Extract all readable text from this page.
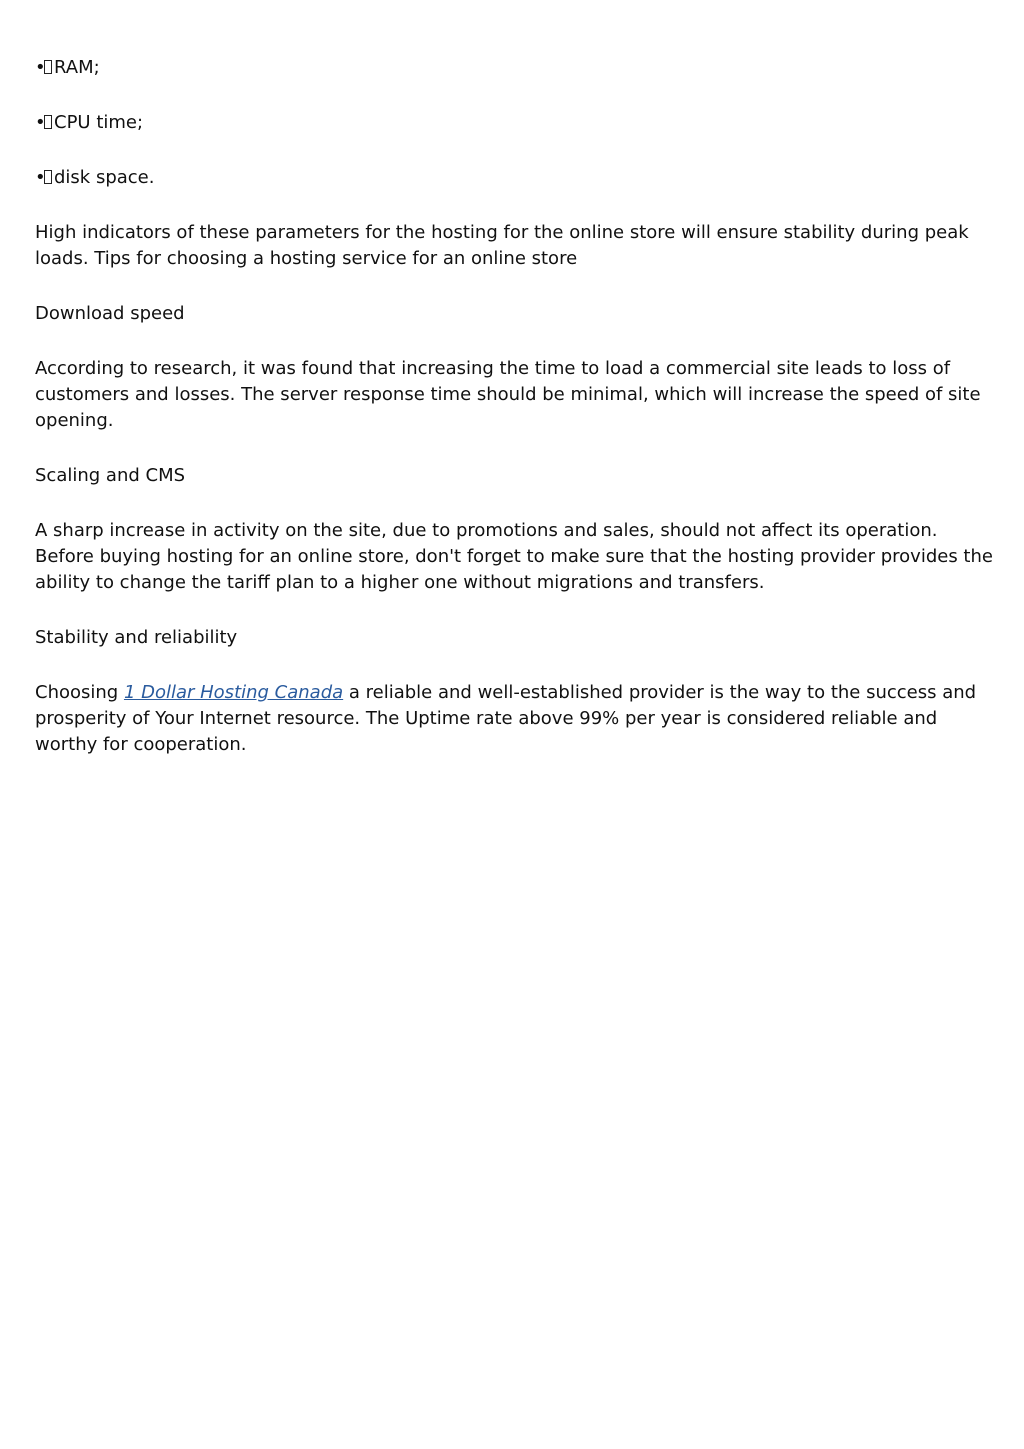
• RAM;
• CPU time;
• disk space.

High indicators of these parameters for the hosting for the online store will ensure stability during peak loads. Tips for choosing a hosting service for an online store

Download speed

According to research, it was found that increasing the time to load a commercial site leads to loss of customers and losses. The server response time should be minimal, which will increase the speed of site opening.

Scaling and CMS

A sharp increase in activity on the site, due to promotions and sales, should not affect its operation. Before buying hosting for an online store, don't forget to make sure that the hosting provider provides the ability to change the tariff plan to a higher one without migrations and transfers.

Stability and reliability

Choosing 1 Dollar Hosting Canada a reliable and well-established provider is the way to the success and prosperity of Your Internet resource. The Uptime rate above 99% per year is considered reliable and worthy for cooperation.
